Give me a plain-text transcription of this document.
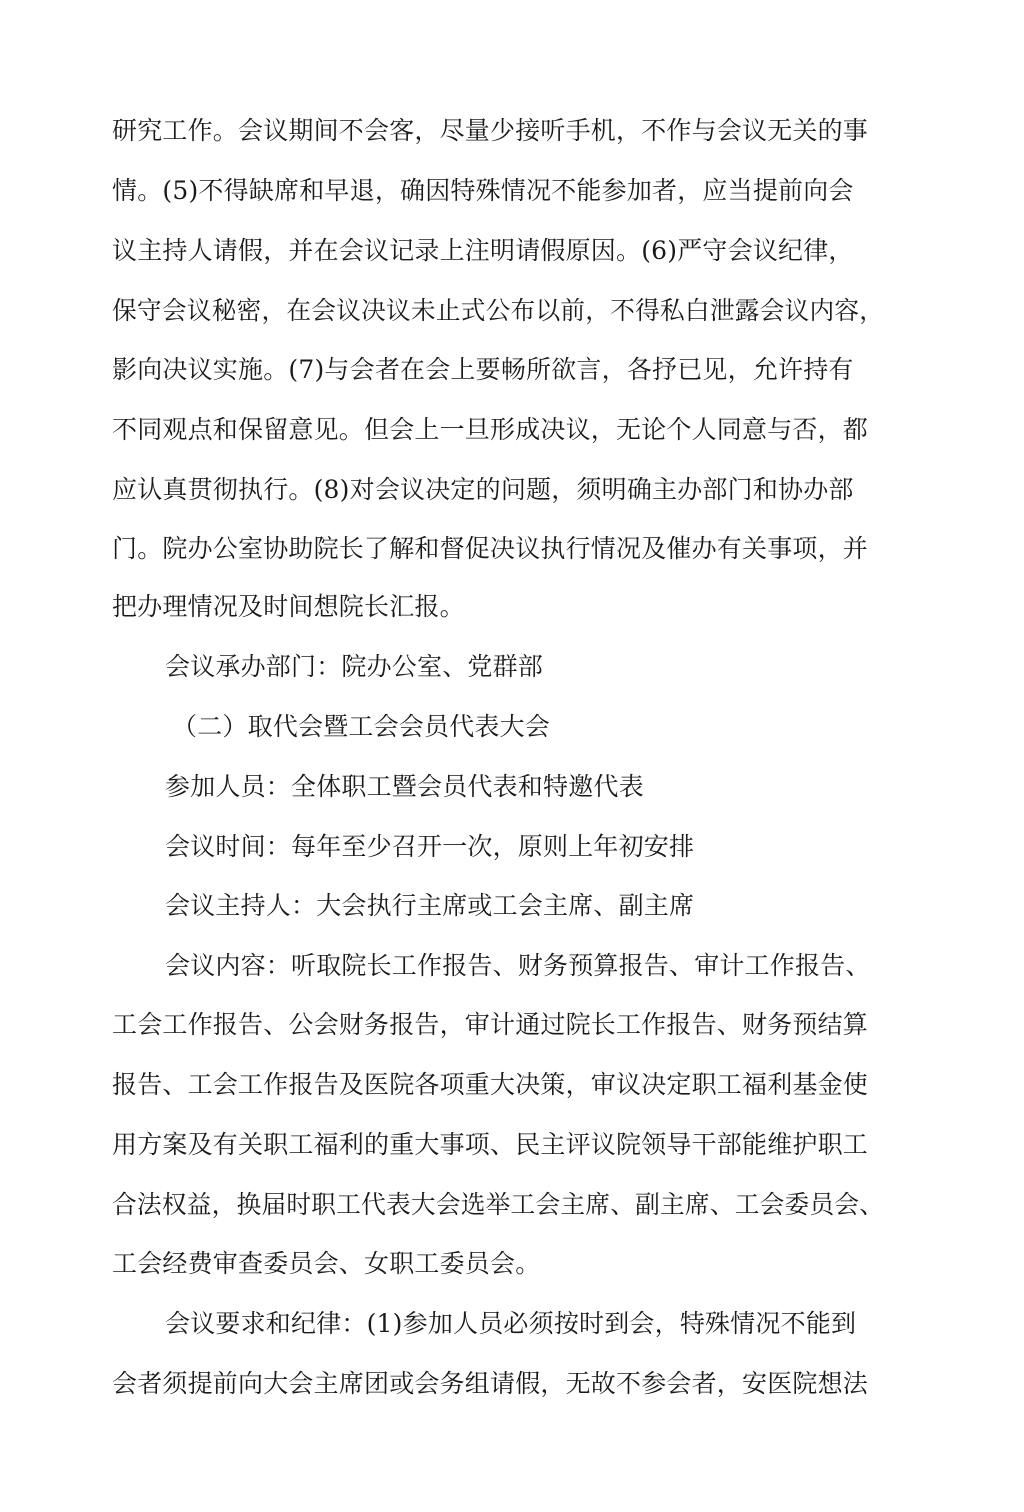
研究工作。会议期间不会客，尽量少接听手机，不作与会议无关的事
情。(5)不得缺席和早退，确因特殊情况不能参加者，应当提前向会
议主持人请假，并在会议记录上注明请假原因。(6)严守会议纪律，
保守会议秘密，在会议决议未止式公布以前，不得私白泄露会议内容，
影向决议实施。(7)与会者在会上要畅所欲言，各抒已见，允许持有
不同观点和保留意见。但会上一旦形成决议，无论个人同意与否，都
应认真贯彻执行。(8)对会议决定的问题，须明确主办部门和协办部
门。院办公室协助院长了解和督促决议执行情况及催办有关事项，并
把办理情况及时间想院长汇报。
会议承办部门：院办公室、党群部
（二）取代会暨工会会员代表大会
参加人员：全体职工暨会员代表和特邀代表
会议时间：每年至少召开一次，原则上年初安排
会议主持人：大会执行主席或工会主席、副主席
会议内容：听取院长工作报告、财务预算报告、审计工作报告、
工会工作报告、公会财务报告，审计通过院长工作报告、财务预结算
报告、工会工作报告及医院各项重大决策，审议决定职工福利基金使
用方案及有关职工福利的重大事项、民主评议院领导干部能维护职工
合法权益，换届时职工代表大会选举工会主席、副主席、工会委员会、
工会经费审查委员会、女职工委员会。
会议要求和纪律：(1)参加人员必须按时到会，特殊情况不能到
会者须提前向大会主席团或会务组请假，无故不参会者，安医院想法
